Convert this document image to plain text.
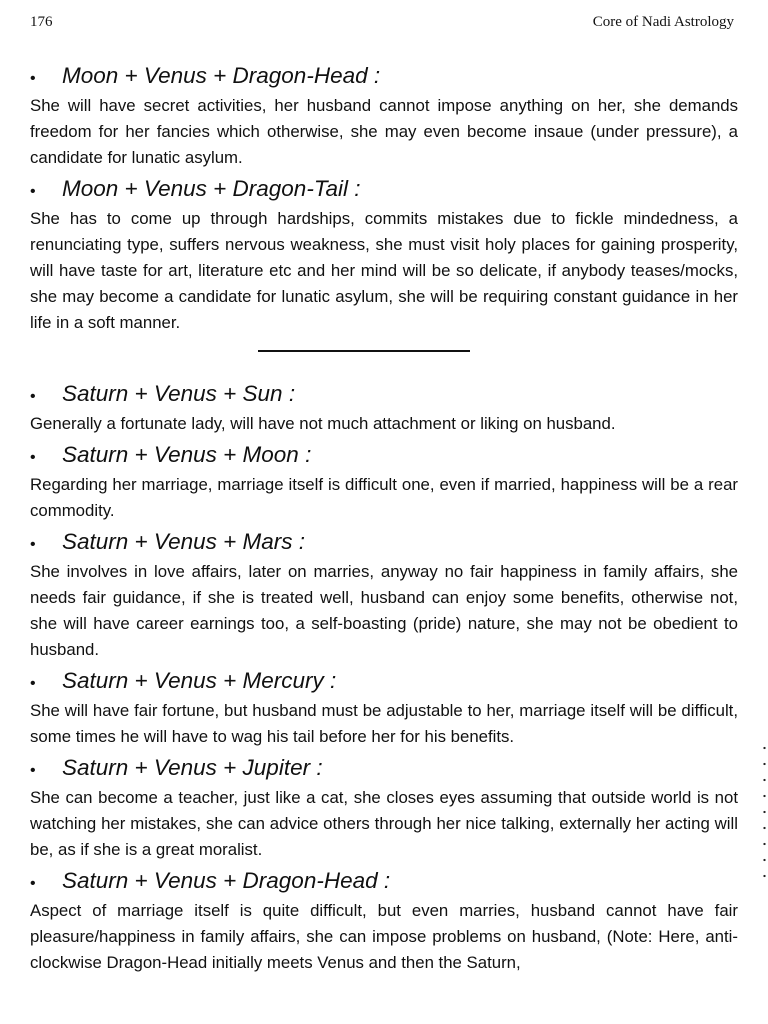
176	Core of Nadi Astrology
•	Moon + Venus + Dragon-Head :

She will have secret activities, her husband cannot impose anything on her, she demands freedom for her fancies which otherwise, she may even become insaue (under pressure), a candidate for lunatic asylum.

•	Moon + Venus + Dragon-Tail :

She has to come up through hardships, commits mistakes due to fickle mindedness, a renunciating type, suffers nervous weakness, she must visit holy places for gaining prosperity, will have taste for art, literature etc and her mind will be so delicate, if anybody teases/mocks, she may become a candidate for lunatic asylum, she will be requiring constant guidance in her life in a soft manner.

•	Saturn + Venus + Sun :

Generally a fortunate lady, will have not much attachment or liking on husband.

•	Saturn + Venus + Moon :

Regarding her marriage, marriage itself is difficult one, even if married, happiness will be a rear commodity.

•	Saturn + Venus + Mars :

She involves in love affairs, later on marries, anyway no fair happiness in family affairs, she needs fair guidance, if she is treated well, husband can enjoy some benefits, otherwise not, she will have career earnings too, a self-boasting (pride) nature, she may not be obedient to husband.

•	Saturn + Venus + Mercury :

She will have fair fortune, but husband must be adjustable to her, marriage itself will be difficult, some times he will have to wag his tail before her for his benefits.

•	Saturn + Venus + Jupiter :

She can become a teacher, just like a cat, she closes eyes assuming that outside world is not watching her mistakes, she can advice others through her nice talking, externally her acting will be, as if she is a great moralist.

•	Saturn + Venus + Dragon-Head :

Aspect of marriage itself is quite difficult, but even marries, husband cannot have fair pleasure/happiness in family affairs, she can impose problems on husband, (Note: Here, anti-clockwise Dragon-Head initially meets Venus and then the Saturn,
